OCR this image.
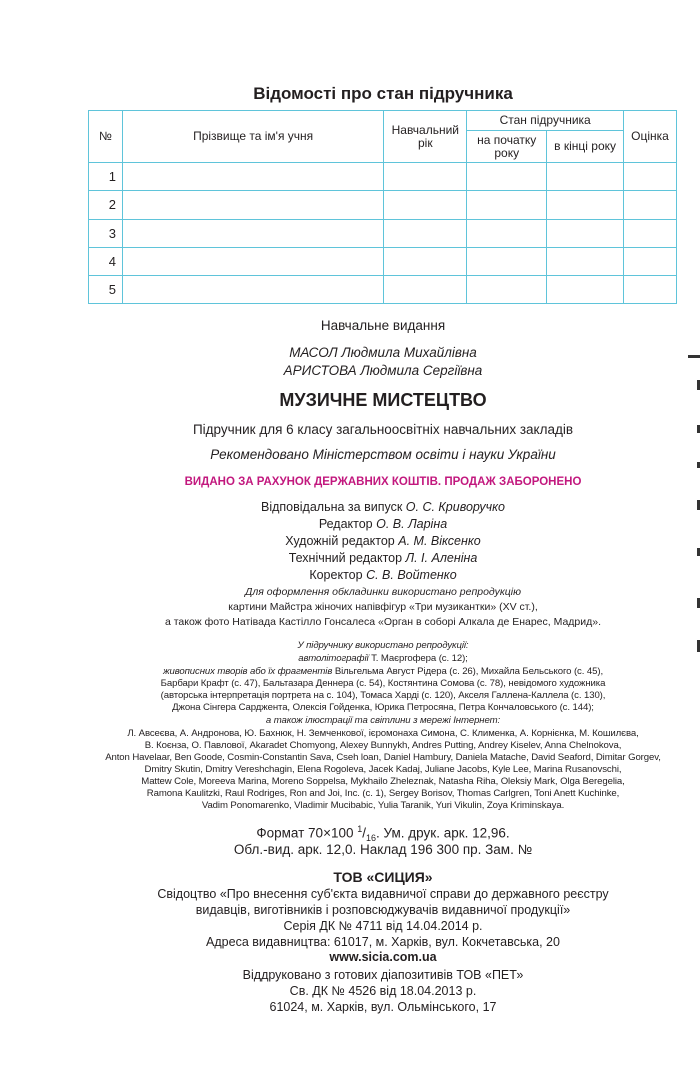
Відомості про стан підручника
№	Прізвище та ім'я учня	Навчальний рік	Стан підручника		Оцінка
			на початку року	в кінці року	
1					
2					
3					
4					
5					
Навчальне видання
МАСОЛ Людмила Михайлівна
АРИСТОВА Людмила Сергіївна
МУЗИЧНЕ МИСТЕЦТВО
Підручник для 6 класу загальноосвітніх навчальних закладів
Рекомендовано Міністерством освіти і науки України
ВИДАНО ЗА РАХУНОК ДЕРЖАВНИХ КОШТІВ. ПРОДАЖ ЗАБОРОНЕНО
Відповідальна за випуск О. С. Криворучко
Редактор О. В. Ларіна
Художній редактор А. М. Віксенко
Технічний редактор Л. І. Аленіна
Коректор С. В. Войтенко
Для оформлення обкладинки використано репродукцію
картини Майстра жіночих напівфігур «Три музикантки» (XV ст.),
а також фото Натівада Кастілло Гонсалеса «Орган в соборі Алкала де Енарес, Мадрид».
У підручнику використано репродукції:
автолітографії Т. Маєргофера (с. 12);
живописних творів або їх фрагментів Вільгельма Август Рідера (с. 26), Михайла Бельського (с. 45),
Барбари Крафт (с. 47), Бальтазара Деннера (с. 54), Костянтина Сомова (с. 78), невідомого художника
(авторська інтерпретація портрета на с. 104), Томаса Харді (с. 120), Акселя Галлена-Каллела (с. 130),
Джона Сінгера Сарджента, Олексія Гойденка, Юрика Петросяна, Петра Кончаловського (с. 144);
а також ілюстрації та світлини з мережі Інтернет:
Л. Авсеєва, А. Андронова, Ю. Бахнюк, Н. Земченкової, ієромонаха Симона, С. Клименка, А. Корнієнка, М. Кошилєва,
В. Коєнза, О. Павлової, Akaradet Chomyong, Alexey Bunnykh, Andres Putting, Andrey Kiselev, Anna Chelnokova,
Anton Havelaar, Ben Goode, Cosmin-Constantin Sava, Cseh loan, Daniel Hambury, Daniela Matache, David Seaford, Dimitar Gorgev,
Dmitry Skutin, Dmitry Vereshchagin, Elena Rogoleva, Jacek Kadaj, Juliane Jacobs, Kyle Lee, Marina Rusanovschi,
Mattew Cole, Moreeva Marina, Moreno Soppelsa, Mykhailo Zheleznak, Natasha Riha, Oleksiy Mark, Olga Beregelia,
Ramona Kaulitzki, Raul Rodriges, Ron and Joi, Inc. (c. 1), Sergey Borisov, Thomas Carlgren, Toni Anett Kuchinke,
Vadim Ponomarenko, Vladimir Mucibabic, Yulia Taranik, Yuri Vikulin, Zoya Kriminskaya.
Формат 70×100 $^1/_{16}$. Ум. друк. арк. 12,96.
Обл.-вид. арк. 12,0. Наклад 196 300 пр. Зам. №
ТОВ «СИЦИЯ»
Свідоцтво «Про внесення суб'єкта видавничої справи до державного реєстру
видавців, виготівників і розповсюджувачів видавничої продукції»
Серія ДК № 4711 від 14.04.2014 р.
Адреса видавництва: 61017, м. Харків, вул. Кокчетавська, 20
www.sicia.com.ua
Віддруковано з готових діапозитивів ТОВ «ПЕТ»
Св. ДК № 4526 від 18.04.2013 р.
61024, м. Харків, вул. Ольмінського, 17
